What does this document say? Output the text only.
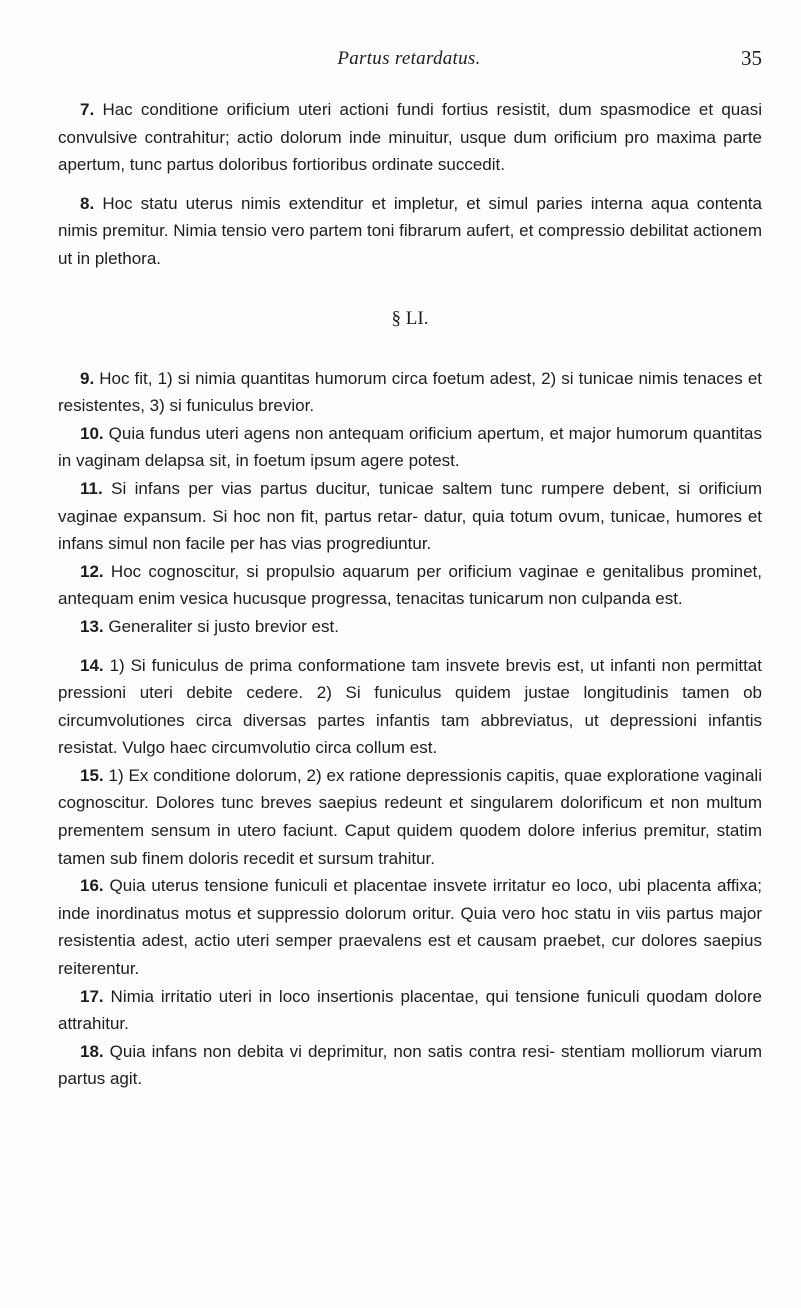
Partus retardatus.	35

7. Hac conditione orificium uteri actioni fundi fortius resistit, dum spasmodice et quasi convulsive contrahitur; actio dolorum inde minuitur, usque dum orificium pro maxima parte apertum, tunc partus doloribus fortioribus ordinate succedit.

8. Hoc statu uterus nimis extenditur et impletur, et simul paries interna aqua contenta nimis premitur. Nimia tensio vero partem toni fibrarum aufert, et compressio debilitat actionem ut in plethora.

§ LI.

9. Hoc fit, 1) si nimia quantitas humorum circa foetum adest, 2) si tunicae nimis tenaces et resistentes, 3) si funiculus brevior.

10. Quia fundus uteri agens non antequam orificium apertum, et major humorum quantitas in vaginam delapsa sit, in foetum ipsum agere potest.

11. Si infans per vias partus ducitur, tunicae saltem tunc rumpere debent, si orificium vaginae expansum. Si hoc non fit, partus retar- datur, quia totum ovum, tunicae, humores et infans simul non facile per has vias progrediuntur.

12. Hoc cognoscitur, si propulsio aquarum per orificium vaginae e genitalibus prominet, antequam enim vesica hucusque progressa, tenacitas tunicarum non culpanda est.

13. Generaliter si justo brevior est.

14. 1) Si funiculus de prima conformatione tam insvete brevis est, ut infanti non permittat pressioni uteri debite cedere. 2) Si funiculus quidem justae longitudinis tamen ob circumvolutiones circa diversas partes infantis tam abbreviatus, ut depressioni infantis resistat. Vulgo haec circumvolutio circa collum est.

15. 1) Ex conditione dolorum, 2) ex ratione depressionis capitis, quae exploratione vaginali cognoscitur. Dolores tunc breves saepius redeunt et singularem dolorificum et non multum prementem sensum in utero faciunt. Caput quidem quodem dolore inferius premitur, statim tamen sub finem doloris recedit et sursum trahitur.

16. Quia uterus tensione funiculi et placentae insvete irritatur eo loco, ubi placenta affixa; inde inordinatus motus et suppressio dolorum oritur. Quia vero hoc statu in viis partus major resistentia adest, actio uteri semper praevalens est et causam praebet, cur dolores saepius reiterentur.

17. Nimia irritatio uteri in loco insertionis placentae, qui tensione funiculi quodam dolore attrahitur.

18. Quia infans non debita vi deprimitur, non satis contra resi- stentiam molliorum viarum partus agit.
